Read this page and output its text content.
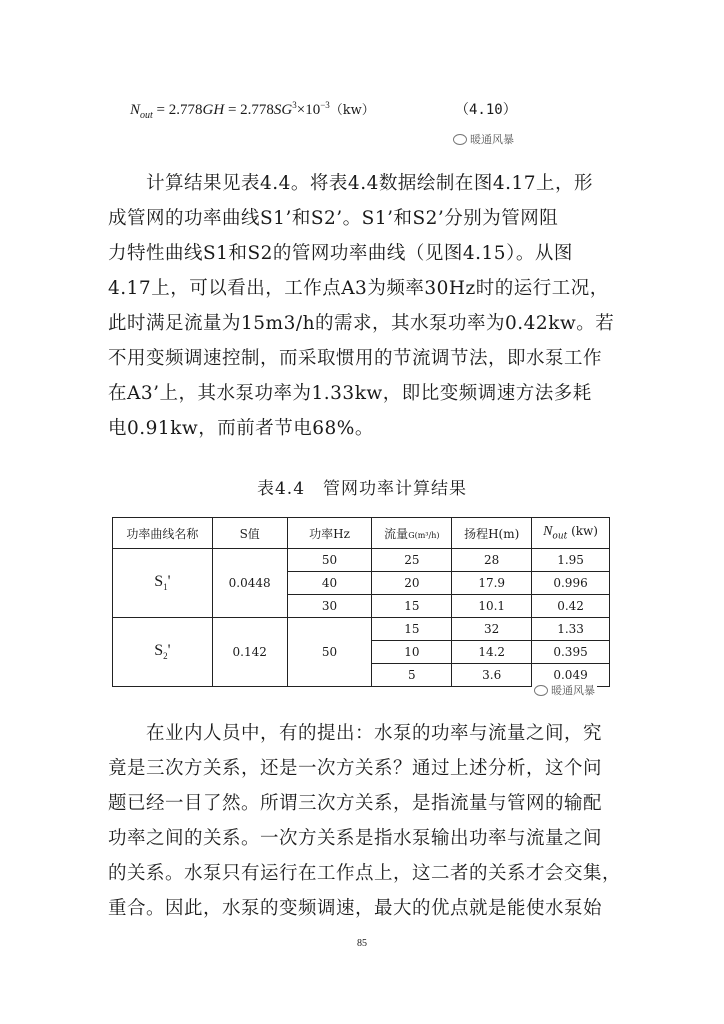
$N_{out} = 2.778GH = 2.778SG^3\times 10^{-3}(kw)$	（4.10）
暖通风暴
计算结果见表4.4。将表4.4数据绘制在图4.17上，形
成管网的功率曲线S1’和S2’。S1’和S2’分别为管网阻
力特性曲线S1和S2的管网功率曲线（见图4.15）。从图
4.17上，可以看出，工作点A3为频率30Hz时的运行工况，
此时满足流量为15m3/h的需求，其水泵功率为0.42kw。若
不用变频调速控制，而采取惯用的节流调节法，即水泵工作
在A3’上，其水泵功率为1.33kw，即比变频调速方法多耗
电0.91kw，而前者节电68%。
表4.4 管网功率计算结果
功率曲线名称	S值	功率Hz	流量G(m³/h)	扬程H(m)	$N_{out}$ (kw)
$S_1'$	0.0448	50	25	28	1.95
		40	20	17.9	0.996
		30	15	10.1	0.42
$S_2'$	0.142	50	15	32	1.33
			10	14.2	0.395
			5	3.6	0.049
暖通风暴
在业内人员中，有的提出：水泵的功率与流量之间，究
竟是三次方关系，还是一次方关系？通过上述分析，这个问
题已经一目了然。所谓三次方关系，是指流量与管网的输配
功率之间的关系。一次方关系是指水泵输出功率与流量之间
的关系。水泵只有运行在工作点上，这二者的关系才会交集，
重合。因此，水泵的变频调速，最大的优点就是能使水泵始
85
